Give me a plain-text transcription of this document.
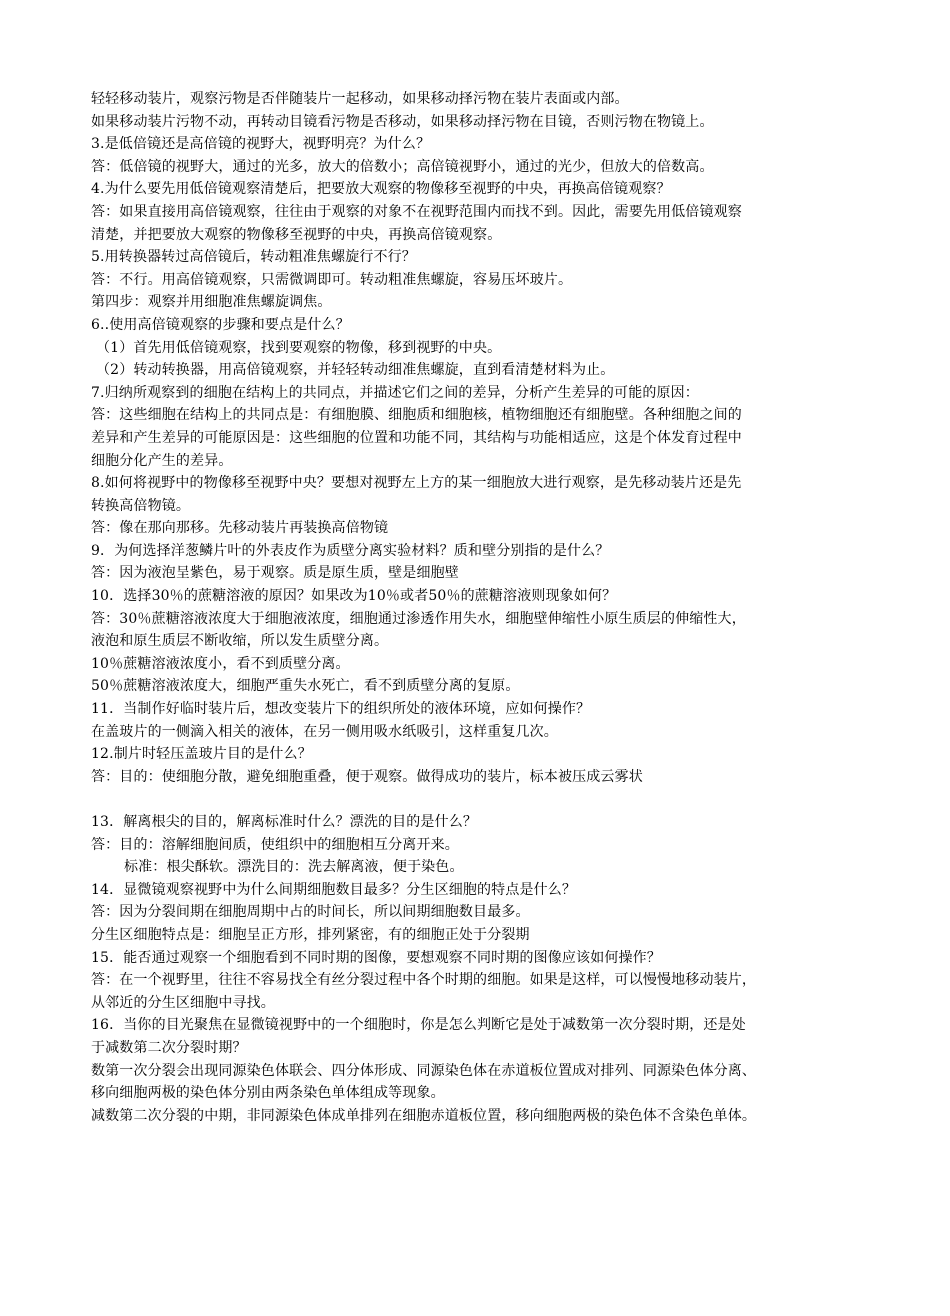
轻轻移动装片，观察污物是否伴随装片一起移动，如果移动择污物在装片表面或内部。
如果移动装片污物不动，再转动目镜看污物是否移动，如果移动择污物在目镜，否则污物在物镜上。
3.是低倍镜还是高倍镜的视野大，视野明亮？为什么？
答：低倍镜的视野大，通过的光多，放大的倍数小；高倍镜视野小，通过的光少，但放大的倍数高。
4.为什么要先用低倍镜观察清楚后，把要放大观察的物像移至视野的中央，再换高倍镜观察？
答：如果直接用高倍镜观察，往往由于观察的对象不在视野范围内而找不到。因此，需要先用低倍镜观察
清楚，并把要放大观察的物像移至视野的中央，再换高倍镜观察。
5.用转换器转过高倍镜后，转动粗准焦螺旋行不行？
答：不行。用高倍镜观察，只需微调即可。转动粗准焦螺旋，容易压坏玻片。
第四步：观察并用细胞准焦螺旋调焦。
6..使用高倍镜观察的步骤和要点是什么？
（1）首先用低倍镜观察，找到要观察的物像，移到视野的中央。
（2）转动转换器，用高倍镜观察，并轻轻转动细准焦螺旋，直到看清楚材料为止。
7.归纳所观察到的细胞在结构上的共同点，并描述它们之间的差异，分析产生差异的可能的原因：
答：这些细胞在结构上的共同点是：有细胞膜、细胞质和细胞核，植物细胞还有细胞壁。各种细胞之间的
差异和产生差异的可能原因是：这些细胞的位置和功能不同，其结构与功能相适应，这是个体发育过程中
细胞分化产生的差异。
8.如何将视野中的物像移至视野中央？要想对视野左上方的某一细胞放大进行观察，是先移动装片还是先
转换高倍物镜。
答：像在那向那移。先移动装片再装换高倍物镜
9．为何选择洋葱鳞片叶的外表皮作为质壁分离实验材料？质和壁分别指的是什么？
答：因为液泡呈紫色，易于观察。质是原生质，壁是细胞壁
10．选择30％的蔗糖溶液的原因？如果改为10％或者50％的蔗糖溶液则现象如何？
答：30％蔗糖溶液浓度大于细胞液浓度，细胞通过渗透作用失水，细胞壁伸缩性小原生质层的伸缩性大，
液泡和原生质层不断收缩，所以发生质壁分离。
10％蔗糖溶液浓度小，看不到质壁分离。
50％蔗糖溶液浓度大，细胞严重失水死亡，看不到质壁分离的复原。
11．当制作好临时装片后，想改变装片下的组织所处的液体环境，应如何操作？
在盖玻片的一侧滴入相关的液体，在另一侧用吸水纸吸引，这样重复几次。
12.制片时轻压盖玻片目的是什么？
答：目的：使细胞分散，避免细胞重叠，便于观察。做得成功的装片，标本被压成云雾状
13．解离根尖的目的，解离标准时什么？漂洗的目的是什么？
答：目的：溶解细胞间质，使组织中的细胞相互分离开来。
标准：根尖酥软。漂洗目的：洗去解离液，便于染色。
14．显微镜观察视野中为什么间期细胞数目最多？分生区细胞的特点是什么？
答：因为分裂间期在细胞周期中占的时间长，所以间期细胞数目最多。
分生区细胞特点是：细胞呈正方形，排列紧密，有的细胞正处于分裂期
15．能否通过观察一个细胞看到不同时期的图像，要想观察不同时期的图像应该如何操作？
答：在一个视野里，往往不容易找全有丝分裂过程中各个时期的细胞。如果是这样，可以慢慢地移动装片，
从邻近的分生区细胞中寻找。
16．当你的目光聚焦在显微镜视野中的一个细胞时，你是怎么判断它是处于减数第一次分裂时期，还是处
于减数第二次分裂时期？
数第一次分裂会出现同源染色体联会、四分体形成、同源染色体在赤道板位置成对排列、同源染色体分离、
移向细胞两极的染色体分别由两条染色单体组成等现象。
减数第二次分裂的中期，非同源染色体成单排列在细胞赤道板位置，移向细胞两极的染色体不含染色单体。
